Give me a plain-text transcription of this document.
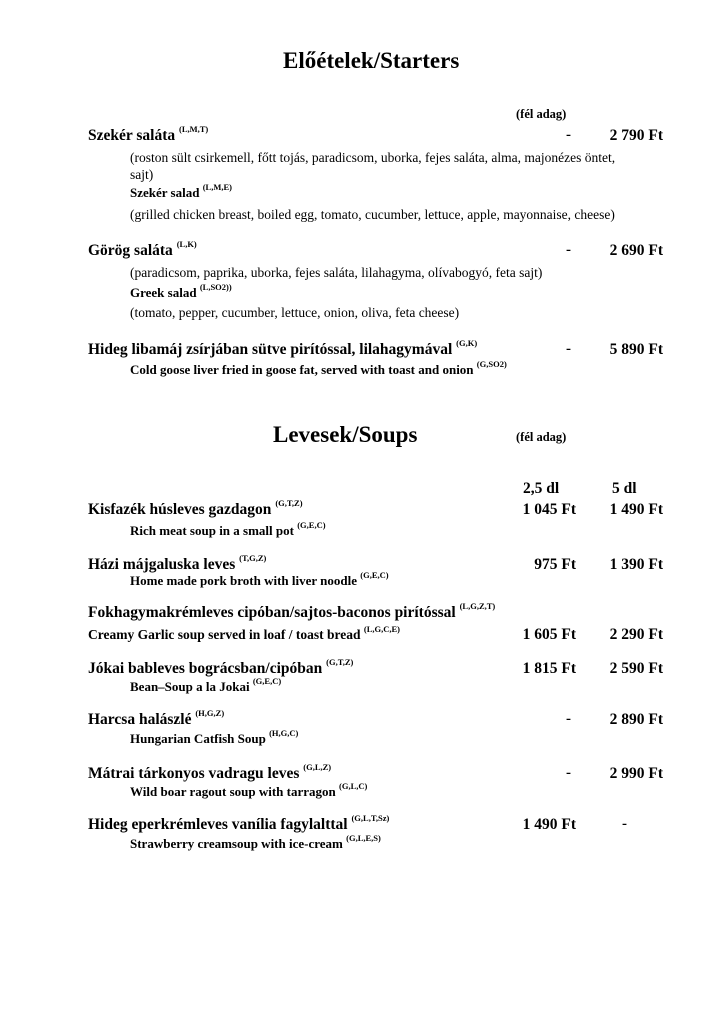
Előételek/Starters
(fél adag)
Szekér saláta $^{(L,M,T)}$	- 2 790 Ft
(roston sült csirkemell, főtt tojás, paradicsom, uborka, fejes saláta, alma, majonézes öntet,
sajt)
Szekér salad $^{(L,M,E)}$
(grilled chicken breast, boiled egg, tomato, cucumber, lettuce, apple, mayonnaise, cheese)
Görög saláta $^{(L,K)}$	- 2 690 Ft
(paradicsom, paprika, uborka, fejes saláta, lilahagyma, olívabogyó, feta sajt)
Greek salad $^{(L,SO2))}$
(tomato, pepper, cucumber, lettuce, onion, oliva, feta cheese)
Hideg libamáj zsírjában sütve pirítóssal, lilahagymával $^{(G,K)}$	- 5 890 Ft
Cold goose liver fried in goose fat, served with toast and onion $^{(G,SO2)}$
Levesek/Soups	(fél adag)
2,5 dl	5 dl
Kisfazék húsleves gazdagon $^{(G,T,Z)}$	1 045 Ft 1 490 Ft
Rich meat soup in a small pot $^{(G,E,C)}$
Házi májgaluska leves $^{(T,G,Z)}$	975 Ft 1 390 Ft
Home made pork broth with liver noodle $^{(G,E,C)}$
Fokhagymakrémleves cipóban/sajtos-baconos pirítóssal $^{(L,G,Z,T)}$
Creamy Garlic soup served in loaf / toast bread $^{(L,G,C,E)}$	1 605 Ft 2 290 Ft
Jókai bableves bográcsban/cipóban $^{(G,T,Z)}$	1 815 Ft 2 590 Ft
Bean–Soup a la Jokai $^{(G,E,C)}$
Harcsa halászlé $^{(H,G,Z)}$	- 2 890 Ft
Hungarian Catfish Soup $^{(H,G,C)}$
Mátrai tárkonyos vadragu leves $^{(G,L,Z)}$	- 2 990 Ft
Wild boar ragout soup with tarragon $^{(G,L,C)}$
Hideg eperkrémleves vanília fagylalttal $^{(G,L,T,Sz)}$	1 490 Ft	-
Strawberry creamsoup with ice-cream $^{(G,L,E,S)}$
